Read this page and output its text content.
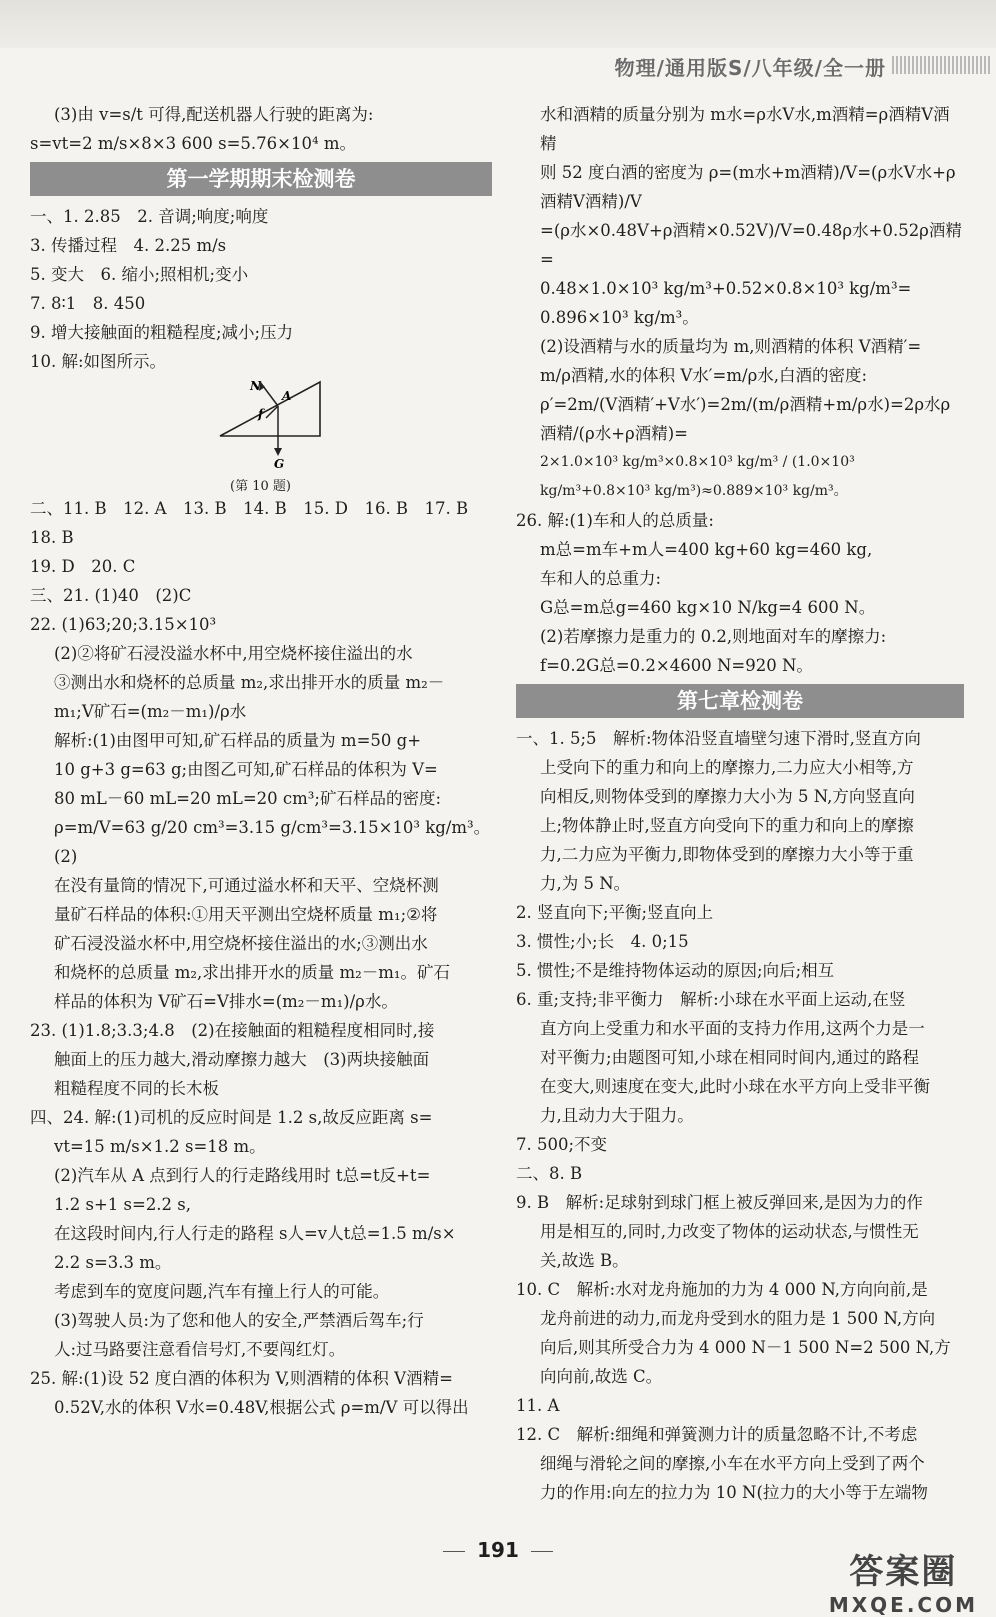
物理/通用版S/八年级/全一册

(3)由 v=s/t 可得,配送机器人行驶的距离为:

s=vt=2 m/s×8×3 600 s=5.76×10⁴ m。

第一学期期末检测卷

一、1. 2.85　2. 音调;响度;响度

3. 传播过程　4. 2.25 m/s

5. 变大　6. 缩小;照相机;变小

7. 8∶1　8. 450

9. 增大接触面的粗糙程度;减小;压力

10. 解:如图所示。

N
A
f
G
(第 10 题)

二、11. B　12. A　13. B　14. B　15. D　16. B　17. B　18. B

19. D　20. C

三、21. (1)40　(2)C

22. (1)63;20;3.15×10³

(2)②将矿石浸没溢水杯中,用空烧杯接住溢出的水

③测出水和烧杯的总质量 m₂,求出排开水的质量 m₂－

m₁;V矿石=(m₂－m₁)/ρ水

解析:(1)由图甲可知,矿石样品的质量为 m=50 g+

10 g+3 g=63 g;由图乙可知,矿石样品的体积为 V=

80 mL－60 mL=20 mL=20 cm³;矿石样品的密度:

ρ=m/V=63 g/20 cm³=3.15 g/cm³=3.15×10³ kg/m³。(2)

在没有量筒的情况下,可通过溢水杯和天平、空烧杯测

量矿石样品的体积:①用天平测出空烧杯质量 m₁;②将

矿石浸没溢水杯中,用空烧杯接住溢出的水;③测出水

和烧杯的总质量 m₂,求出排开水的质量 m₂－m₁。矿石

样品的体积为 V矿石=V排水=(m₂－m₁)/ρ水。

23. (1)1.8;3.3;4.8　(2)在接触面的粗糙程度相同时,接

触面上的压力越大,滑动摩擦力越大　(3)两块接触面

粗糙程度不同的长木板

四、24. 解:(1)司机的反应时间是 1.2 s,故反应距离 s=

vt=15 m/s×1.2 s=18 m。

(2)汽车从 A 点到行人的行走路线用时 t总=t反+t=

1.2 s+1 s=2.2 s,

在这段时间内,行人行走的路程 s人=v人t总=1.5 m/s×

2.2 s=3.3 m。

考虑到车的宽度问题,汽车有撞上行人的可能。

(3)驾驶人员:为了您和他人的安全,严禁酒后驾车;行

人:过马路要注意看信号灯,不要闯红灯。

25. 解:(1)设 52 度白酒的体积为 V,则酒精的体积 V酒精=

0.52V,水的体积 V水=0.48V,根据公式 ρ=m/V 可以得出

水和酒精的质量分别为 m水=ρ水V水,m酒精=ρ酒精V酒精

则 52 度白酒的密度为 ρ=(m水+m酒精)/V=(ρ水V水+ρ酒精V酒精)/V

=(ρ水×0.48V+ρ酒精×0.52V)/V=0.48ρ水+0.52ρ酒精=

0.48×1.0×10³ kg/m³+0.52×0.8×10³ kg/m³=

0.896×10³ kg/m³。

(2)设酒精与水的质量均为 m,则酒精的体积 V酒精′=

m/ρ酒精,水的体积 V水′=m/ρ水,白酒的密度:

ρ′=2m/(V酒精′+V水′)=2m/(m/ρ酒精+m/ρ水)=2ρ水ρ酒精/(ρ水+ρ酒精)=

2×1.0×10³ kg/m³×0.8×10³ kg/m³ / (1.0×10³ kg/m³+0.8×10³ kg/m³)≈0.889×10³ kg/m³。

26. 解:(1)车和人的总质量:

m总=m车+m人=400 kg+60 kg=460 kg,

车和人的总重力:

G总=m总g=460 kg×10 N/kg=4 600 N。

(2)若摩擦力是重力的 0.2,则地面对车的摩擦力:

f=0.2G总=0.2×4600 N=920 N。

第七章检测卷

一、1. 5;5　解析:物体沿竖直墙壁匀速下滑时,竖直方向

上受向下的重力和向上的摩擦力,二力应大小相等,方

向相反,则物体受到的摩擦力大小为 5 N,方向竖直向

上;物体静止时,竖直方向受向下的重力和向上的摩擦

力,二力应为平衡力,即物体受到的摩擦力大小等于重

力,为 5 N。

2. 竖直向下;平衡;竖直向上

3. 惯性;小;长　4. 0;15

5. 惯性;不是维持物体运动的原因;向后;相互

6. 重;支持;非平衡力　解析:小球在水平面上运动,在竖

直方向上受重力和水平面的支持力作用,这两个力是一

对平衡力;由题图可知,小球在相同时间内,通过的路程

在变大,则速度在变大,此时小球在水平方向上受非平衡

力,且动力大于阻力。

7. 500;不变

二、8. B

9. B　解析:足球射到球门框上被反弹回来,是因为力的作

用是相互的,同时,力改变了物体的运动状态,与惯性无

关,故选 B。

10. C　解析:水对龙舟施加的力为 4 000 N,方向向前,是

龙舟前进的动力,而龙舟受到水的阻力是 1 500 N,方向

向后,则其所受合力为 4 000 N－1 500 N=2 500 N,方

向向前,故选 C。

11. A

12. C　解析:细绳和弹簧测力计的质量忽略不计,不考虑

细绳与滑轮之间的摩擦,小车在水平方向上受到了两个

力的作用:向左的拉力为 10 N(拉力的大小等于左端物

191
答案圈
MXQE.COM
